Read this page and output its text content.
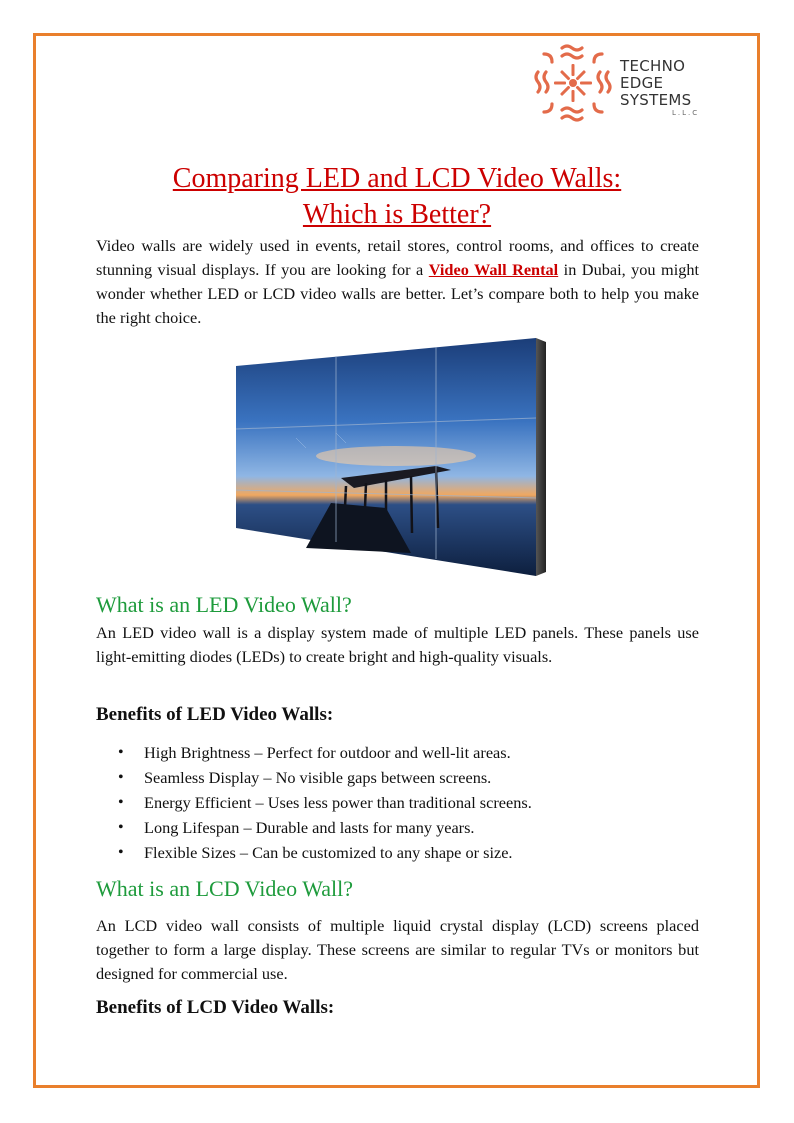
TECHNO
EDGE
SYSTEMS
L.L.C
Comparing LED and LCD Video Walls:
Which is Better?

Video walls are widely used in events, retail stores, control rooms, and offices to create stunning visual displays. If you are looking for a Video Wall Rental in Dubai, you might wonder whether LED or LCD video walls are better. Let’s compare both to help you make the right choice.

What is an LED Video Wall?

An LED video wall is a display system made of multiple LED panels. These panels use light-emitting diodes (LEDs) to create bright and high-quality visuals.

Benefits of LED Video Walls:
• High Brightness – Perfect for outdoor and well-lit areas.
• Seamless Display – No visible gaps between screens.
• Energy Efficient – Uses less power than traditional screens.
• Long Lifespan – Durable and lasts for many years.
• Flexible Sizes – Can be customized to any shape or size.
What is an LCD Video Wall?

An LCD video wall consists of multiple liquid crystal display (LCD) screens placed together to form a large display. These screens are similar to regular TVs or monitors but designed for commercial use.

Benefits of LCD Video Walls:
